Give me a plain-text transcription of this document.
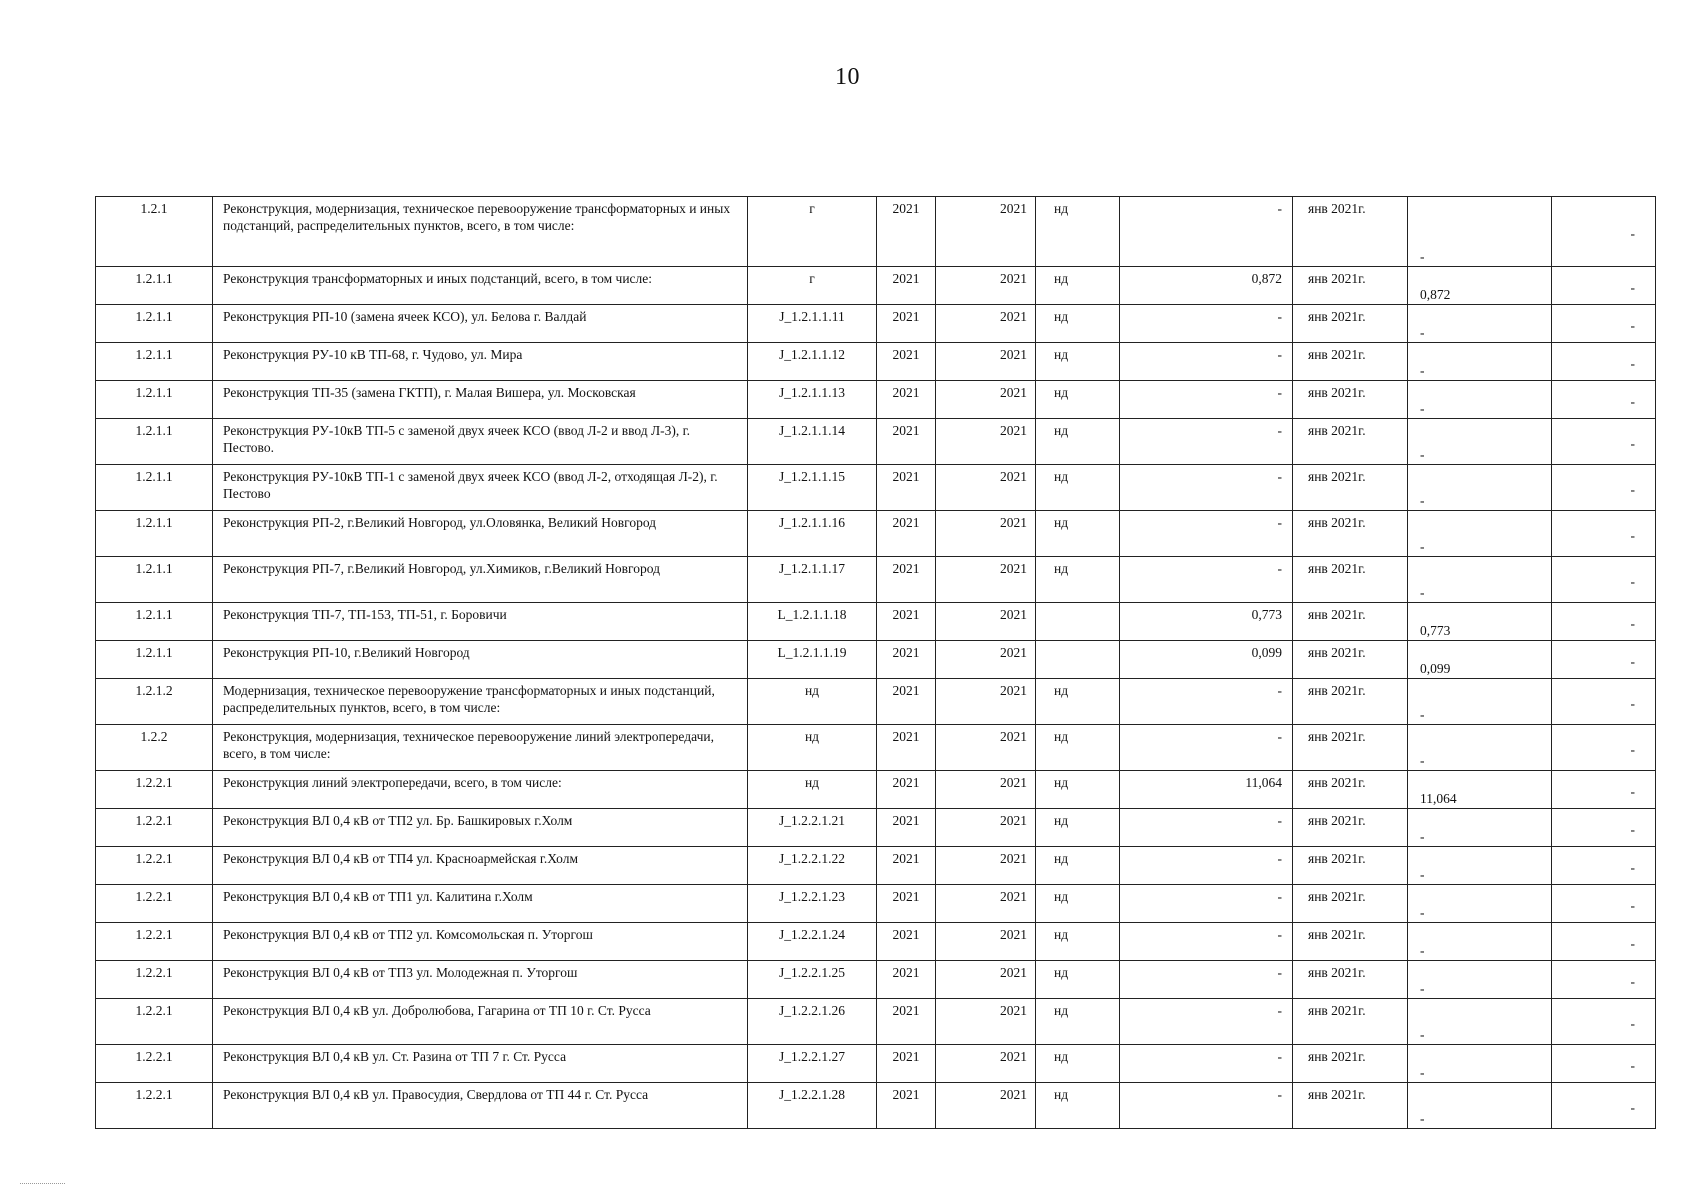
10
1.2.1	Реконструкция, модернизация, техническое перевооружение трансформаторных и иных подстанций, распределительных пунктов, всего, в том числе:	г	2021	2021	нд	-	янв 2021г.	-	-
1.2.1.1	Реконструкция трансформаторных и иных подстанций, всего, в том числе:	г	2021	2021	нд	0,872	янв 2021г.	0,872	-
1.2.1.1	Реконструкция РП-10 (замена ячеек КСО), ул. Белова г. Валдай	J_1.2.1.1.11	2021	2021	нд	-	янв 2021г.	-	-
1.2.1.1	Реконструкция РУ-10 кВ ТП-68, г. Чудово, ул. Мира	J_1.2.1.1.12	2021	2021	нд	-	янв 2021г.	-	-
1.2.1.1	Реконструкция ТП-35 (замена ГКТП), г. Малая Вишера, ул. Московская	J_1.2.1.1.13	2021	2021	нд	-	янв 2021г.	-	-
1.2.1.1	Реконструкция РУ-10кВ ТП-5 с заменой двух ячеек КСО (ввод Л-2 и ввод Л-3), г. Пестово.	J_1.2.1.1.14	2021	2021	нд	-	янв 2021г.	-	-
1.2.1.1	Реконструкция РУ-10кВ ТП-1 с заменой двух ячеек КСО (ввод Л-2, отходящая Л-2), г. Пестово	J_1.2.1.1.15	2021	2021	нд	-	янв 2021г.	-	-
1.2.1.1	Реконструкция РП-2, г.Великий Новгород, ул.Оловянка, Великий Новгород	J_1.2.1.1.16	2021	2021	нд	-	янв 2021г.	-	-
1.2.1.1	Реконструкция РП-7, г.Великий Новгород, ул.Химиков, г.Великий Новгород	J_1.2.1.1.17	2021	2021	нд	-	янв 2021г.	-	-
1.2.1.1	Реконструкция ТП-7, ТП-153, ТП-51, г. Боровичи	L_1.2.1.1.18	2021	2021		0,773	янв 2021г.	0,773	-
1.2.1.1	Реконструкция РП-10, г.Великий Новгород	L_1.2.1.1.19	2021	2021		0,099	янв 2021г.	0,099	-
1.2.1.2	Модернизация, техническое перевооружение трансформаторных и иных подстанций, распределительных пунктов, всего, в том числе:	нд	2021	2021	нд	-	янв 2021г.	-	-
1.2.2	Реконструкция, модернизация, техническое перевооружение линий электропередачи, всего, в том числе:	нд	2021	2021	нд	-	янв 2021г.	-	-
1.2.2.1	Реконструкция линий электропередачи, всего, в том числе:	нд	2021	2021	нд	11,064	янв 2021г.	11,064	-
1.2.2.1	Реконструкция ВЛ 0,4 кВ от ТП2 ул. Бр. Башкировых г.Холм	J_1.2.2.1.21	2021	2021	нд	-	янв 2021г.	-	-
1.2.2.1	Реконструкция ВЛ 0,4 кВ от ТП4 ул. Красноармейская г.Холм	J_1.2.2.1.22	2021	2021	нд	-	янв 2021г.	-	-
1.2.2.1	Реконструкция ВЛ 0,4 кВ от ТП1 ул. Калитина г.Холм	J_1.2.2.1.23	2021	2021	нд	-	янв 2021г.	-	-
1.2.2.1	Реконструкция ВЛ 0,4 кВ от ТП2 ул. Комсомольская п. Уторгош	J_1.2.2.1.24	2021	2021	нд	-	янв 2021г.	-	-
1.2.2.1	Реконструкция ВЛ 0,4 кВ от ТП3 ул. Молодежная п. Уторгош	J_1.2.2.1.25	2021	2021	нд	-	янв 2021г.	-	-
1.2.2.1	Реконструкция ВЛ 0,4 кВ ул. Добролюбова, Гагарина от ТП 10 г. Ст. Русса	J_1.2.2.1.26	2021	2021	нд	-	янв 2021г.	-	-
1.2.2.1	Реконструкция ВЛ 0,4 кВ ул. Ст. Разина от ТП 7 г. Ст. Русса	J_1.2.2.1.27	2021	2021	нд	-	янв 2021г.	-	-
1.2.2.1	Реконструкция ВЛ 0,4 кВ ул. Правосудия, Свердлова от ТП 44 г. Ст. Русса	J_1.2.2.1.28	2021	2021	нд	-	янв 2021г.	-	-
